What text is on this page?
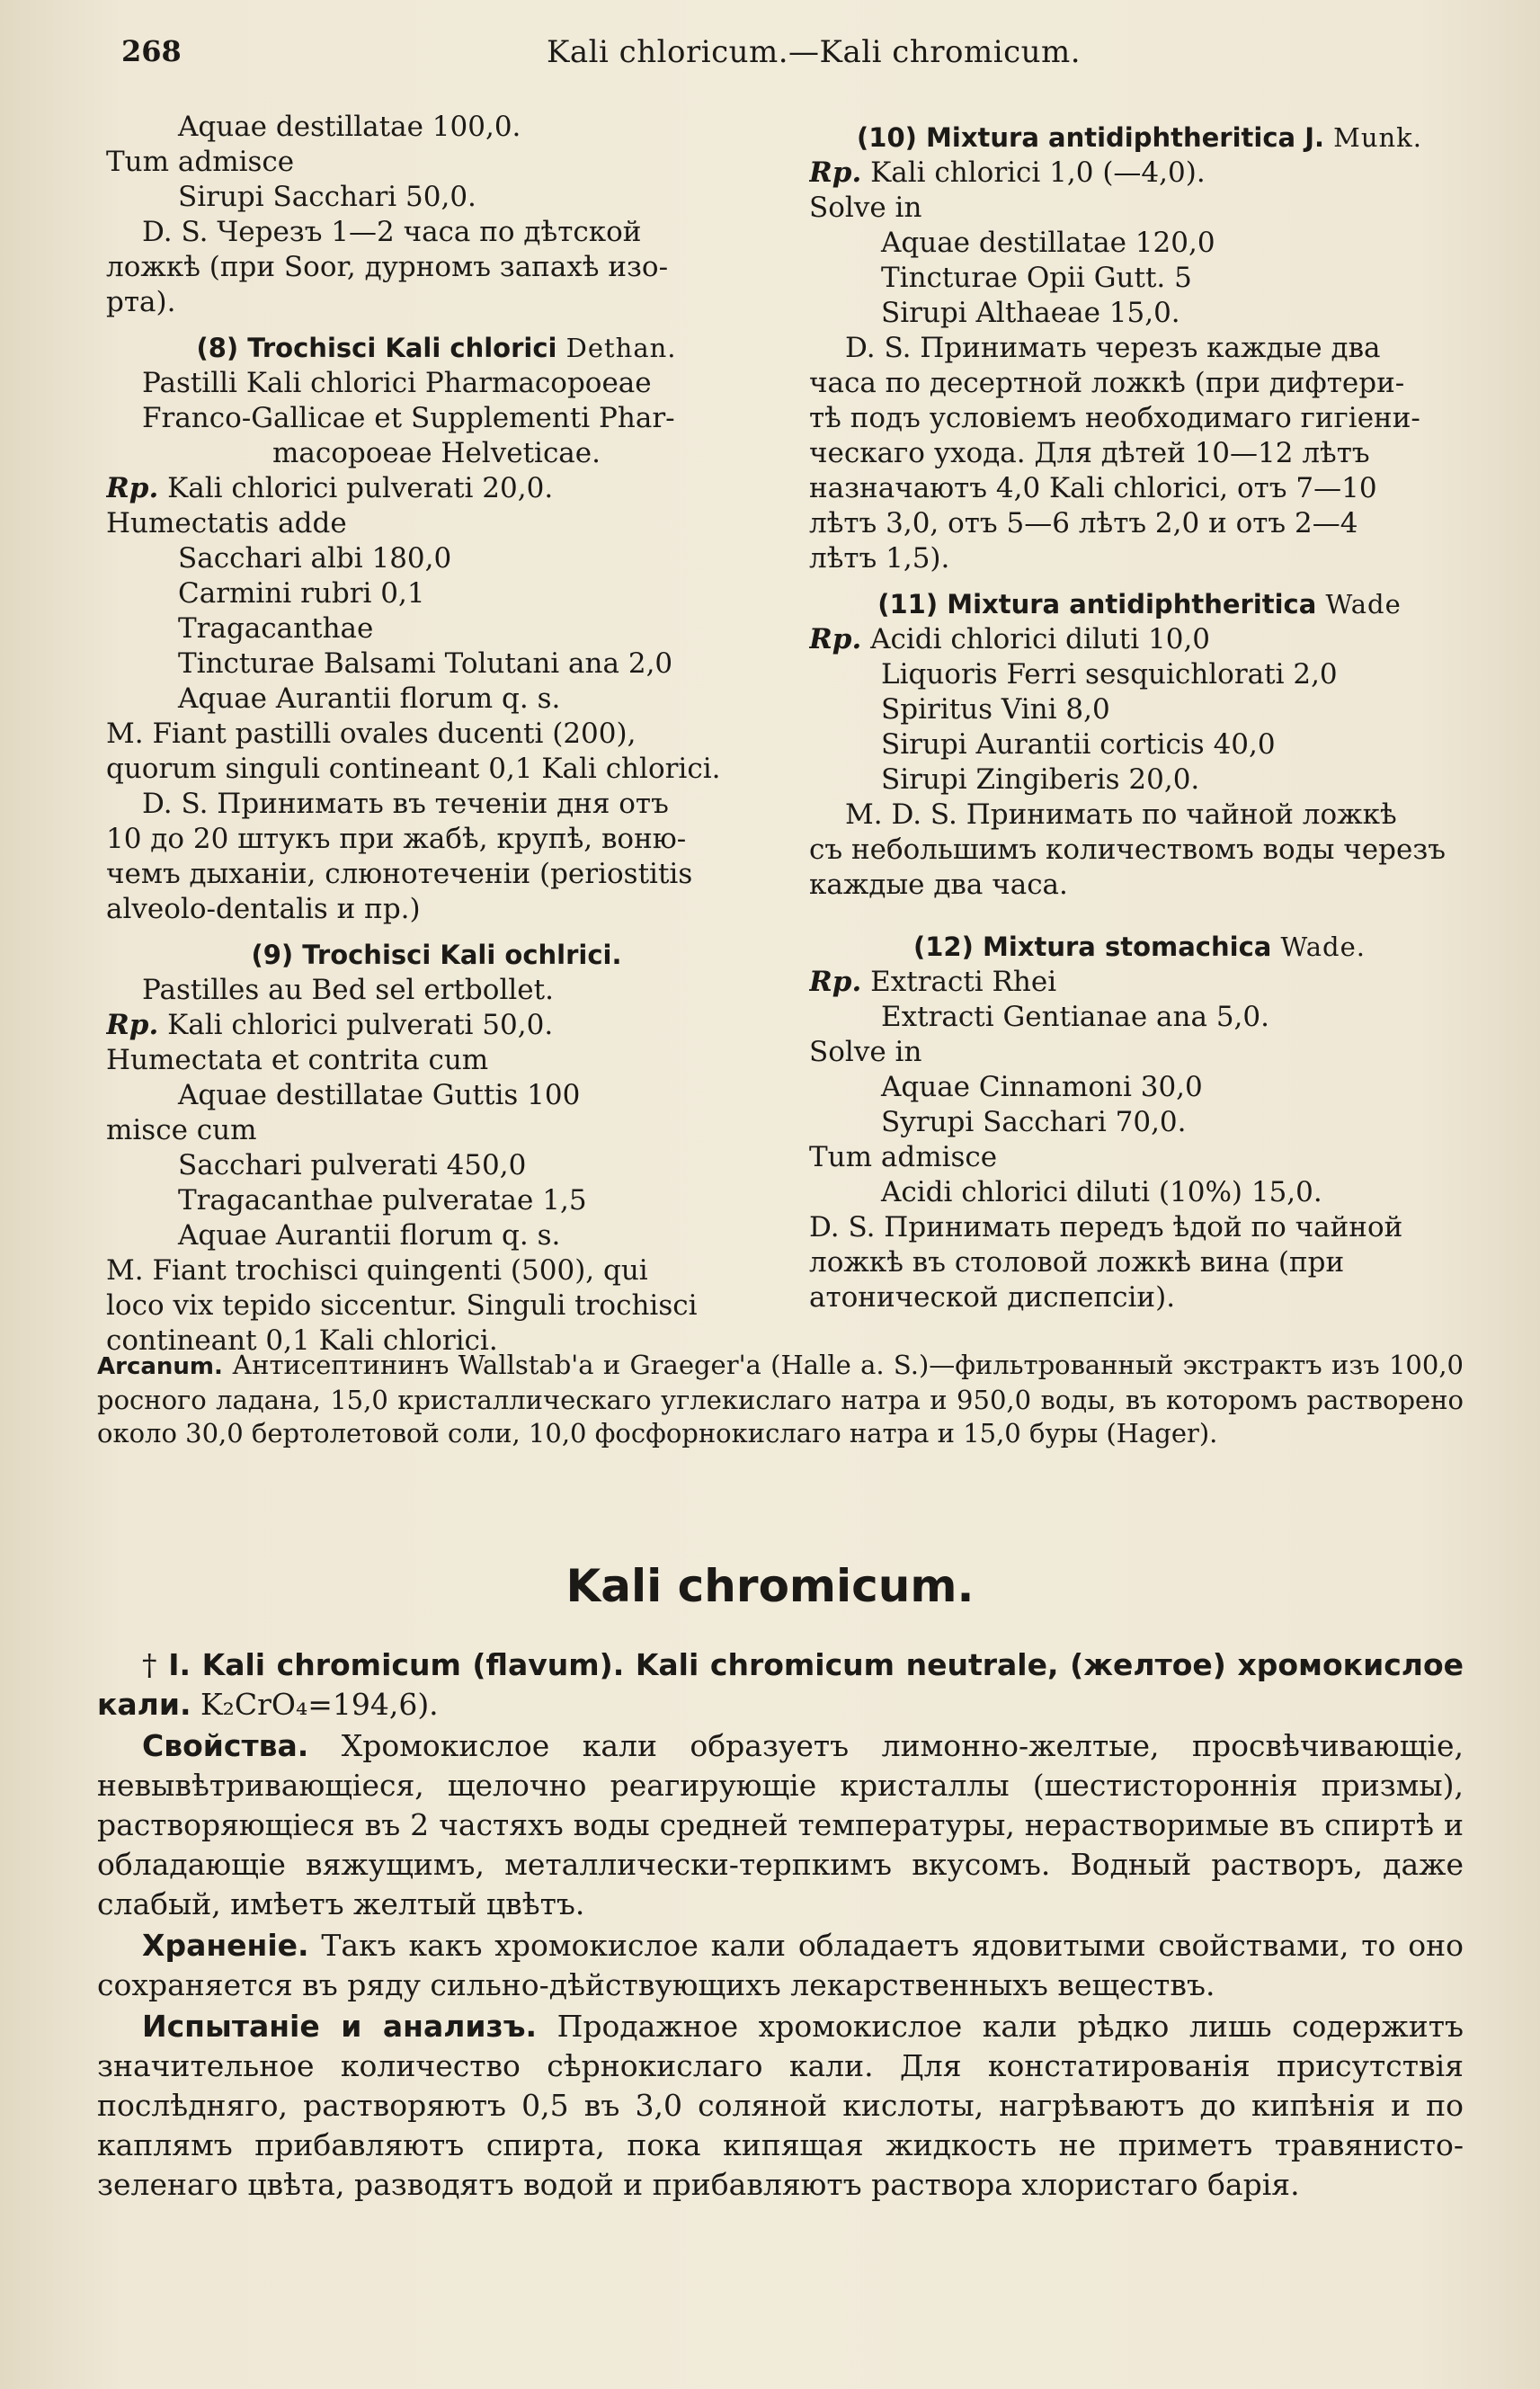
268	Kali chloricum.—Kali chromicum.
Aquae destillatae 100,0.
Tum admisce
Sirupi Sacchari 50,0.
D. S. Черезъ 1—2 часа по дѣтской
ложкѣ (при Soor, дурномъ запахѣ изо-
рта).
(8) Trochisci Kali chlorici Dethan.
Pastilli Kali chlorici Pharmacopoeae
Franco-Gallicae et Supplementi Phar-
macopoeae Helveticae.
Rp. Kali chlorici pulverati 20,0.
Humectatis adde
Sacchari albi 180,0
Carmini rubri 0,1
Tragacanthae
Tincturae Balsami Tolutani ana 2,0
Aquae Aurantii florum q. s.
M. Fiant pastilli ovales ducenti (200),
quorum singuli contineant 0,1 Kali chlorici.
D. S. Принимать въ теченіи дня отъ
10 до 20 штукъ при жабѣ, крупѣ, воню-
чемъ дыханіи, слюнотеченіи (periostitis
alveolo-dentalis и пр.)
(9) Trochisci Kali ochlrici.
Pastilles au Bed sel ertbollet.
Rp. Kali chlorici pulverati 50,0.
Humectata et contrita cum
Aquae destillatae Guttis 100
misce cum
Sacchari pulverati 450,0
Tragacanthae pulveratae 1,5
Aquae Aurantii florum q. s.
M. Fiant trochisci quingenti (500), qui
loco vix tepido siccentur. Singuli trochisci
contineant 0,1 Kali chlorici.
(10) Mixtura antidiphtheritica J. Munk.
Rp. Kali chlorici 1,0 (—4,0).
Solve in
Aquae destillatae 120,0
Tincturae Opii Gutt. 5
Sirupi Althaeae 15,0.
D. S. Принимать черезъ каждые два
часа по десертной ложкѣ (при дифтери-
тѣ подъ условіемъ необходимаго гигіени-
ческаго ухода. Для дѣтей 10—12 лѣтъ
назначаютъ 4,0 Kali chlorici, отъ 7—10
лѣтъ 3,0, отъ 5—6 лѣтъ 2,0 и отъ 2—4
лѣтъ 1,5).
(11) Mixtura antidiphtheritica Wade
Rp. Acidi chlorici diluti 10,0
Liquoris Ferri sesquichlorati 2,0
Spiritus Vini 8,0
Sirupi Aurantii corticis 40,0
Sirupi Zingiberis 20,0.
M. D. S. Принимать по чайной ложкѣ
съ небольшимъ количествомъ воды черезъ
каждые два часа.
(12) Mixtura stomachica Wade.
Rp. Extracti Rhei
Extracti Gentianae ana 5,0.
Solve in
Aquae Cinnamoni 30,0
Syrupi Sacchari 70,0.
Tum admisce
Acidi chlorici diluti (10%) 15,0.
D. S. Принимать передъ ѣдой по чайной
ложкѣ въ столовой ложкѣ вина (при
атонической диспепсіи).
Arcanum. Антисептининъ Wallstab'а и Graeger'а (Halle a. S.)—фильтрованный экстрактъ изъ 100,0 росного ладана, 15,0 кристаллическаго углекислаго натра и 950,0 воды, въ которомъ растворено около 30,0 бертолетовой соли, 10,0 фосфорнокислаго натра и 15,0 буры (Hager).
Kali chromicum.

† I. Kali chromicum (flavum). Kali chromicum neutrale, (желтое) хромокислое кали. K₂CrO₄=194,6).

Свойства. Хромокислое кали образуетъ лимонно-желтые, просвѣчивающіе, невывѣтривающіеся, щелочно реагирующіе кристаллы (шестистороннія призмы), растворяющіеся въ 2 частяхъ воды средней температуры, нерастворимые въ спиртѣ и обладающіе вяжущимъ, металлически-терпкимъ вкусомъ. Водный растворъ, даже слабый, имѣетъ желтый цвѣтъ.

Храненіе. Такъ какъ хромокислое кали обладаетъ ядовитыми свойствами, то оно сохраняется въ ряду сильно-дѣйствующихъ лекарственныхъ веществъ.

Испытаніе и анализъ. Продажное хромокислое кали рѣдко лишь содержитъ значительное количество сѣрнокислаго кали. Для констатированія присутствія послѣдняго, растворяютъ 0,5 въ 3,0 соляной кислоты, нагрѣваютъ до кипѣнія и по каплямъ прибавляютъ спирта, пока кипящая жидкость не приметъ травянисто-зеленаго цвѣта, разводятъ водой и прибавляютъ раствора хлористаго барія.
